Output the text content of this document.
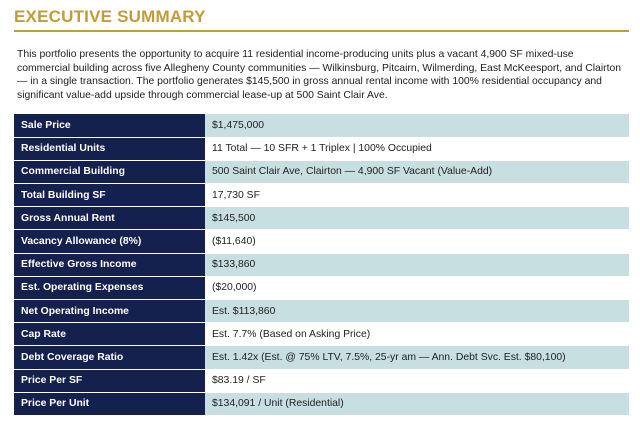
EXECUTIVE SUMMARY

This portfolio presents the opportunity to acquire 11 residential income-producing units plus a vacant 4,900 SF mixed-use commercial building across five Allegheny County communities — Wilkinsburg, Pitcairn, Wilmerding, East McKeesport, and Clairton — in a single transaction. The portfolio generates $145,500 in gross annual rental income with 100% residential occupancy and significant value-add upside through commercial lease-up at 500 Saint Clair Ave.

Sale Price	$1,475,000
Residential Units	11 Total — 10 SFR + 1 Triplex | 100% Occupied
Commercial Building	500 Saint Clair Ave, Clairton — 4,900 SF Vacant (Value-Add)
Total Building SF	17,730 SF
Gross Annual Rent	$145,500
Vacancy Allowance (8%)	($11,640)
Effective Gross Income	$133,860
Est. Operating Expenses	($20,000)
Net Operating Income	Est. $113,860
Cap Rate	Est. 7.7% (Based on Asking Price)
Debt Coverage Ratio	Est. 1.42x (Est. @ 75% LTV, 7.5%, 25-yr am — Ann. Debt Svc. Est. $80,100)
Price Per SF	$83.19 / SF
Price Per Unit	$134,091 / Unit (Residential)
